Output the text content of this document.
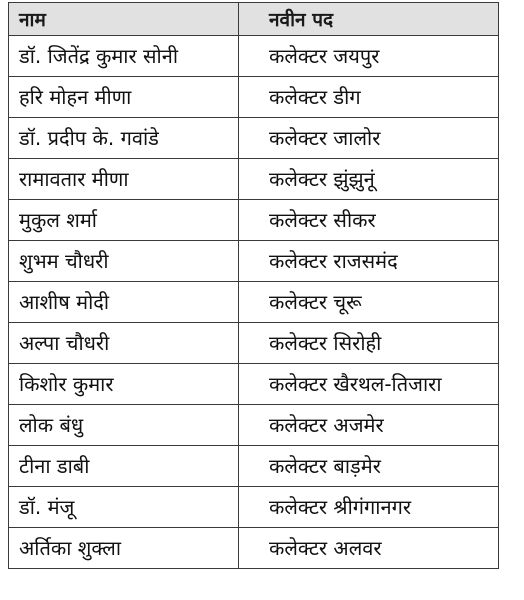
नाम	नवीन पद
डॉ. जितेंद्र कुमार सोनी	कलेक्टर जयपुर
हरि मोहन मीणा	कलेक्टर डीग
डॉ. प्रदीप के. गवांडे	कलेक्टर जालोर
रामावतार मीणा	कलेक्टर झुंझुनूं
मुकुल शर्मा	कलेक्टर सीकर
शुभम चौधरी	कलेक्टर राजसमंद
आशीष मोदी	कलेक्टर चूरू
अल्पा चौधरी	कलेक्टर सिरोही
किशोर कुमार	कलेक्टर खैरथल-तिजारा
लोक बंधु	कलेक्टर अजमेर
टीना डाबी	कलेक्टर बाड़मेर
डॉ. मंजू	कलेक्टर श्रीगंगानगर
अर्तिका शुक्ला	कलेक्टर अलवर
